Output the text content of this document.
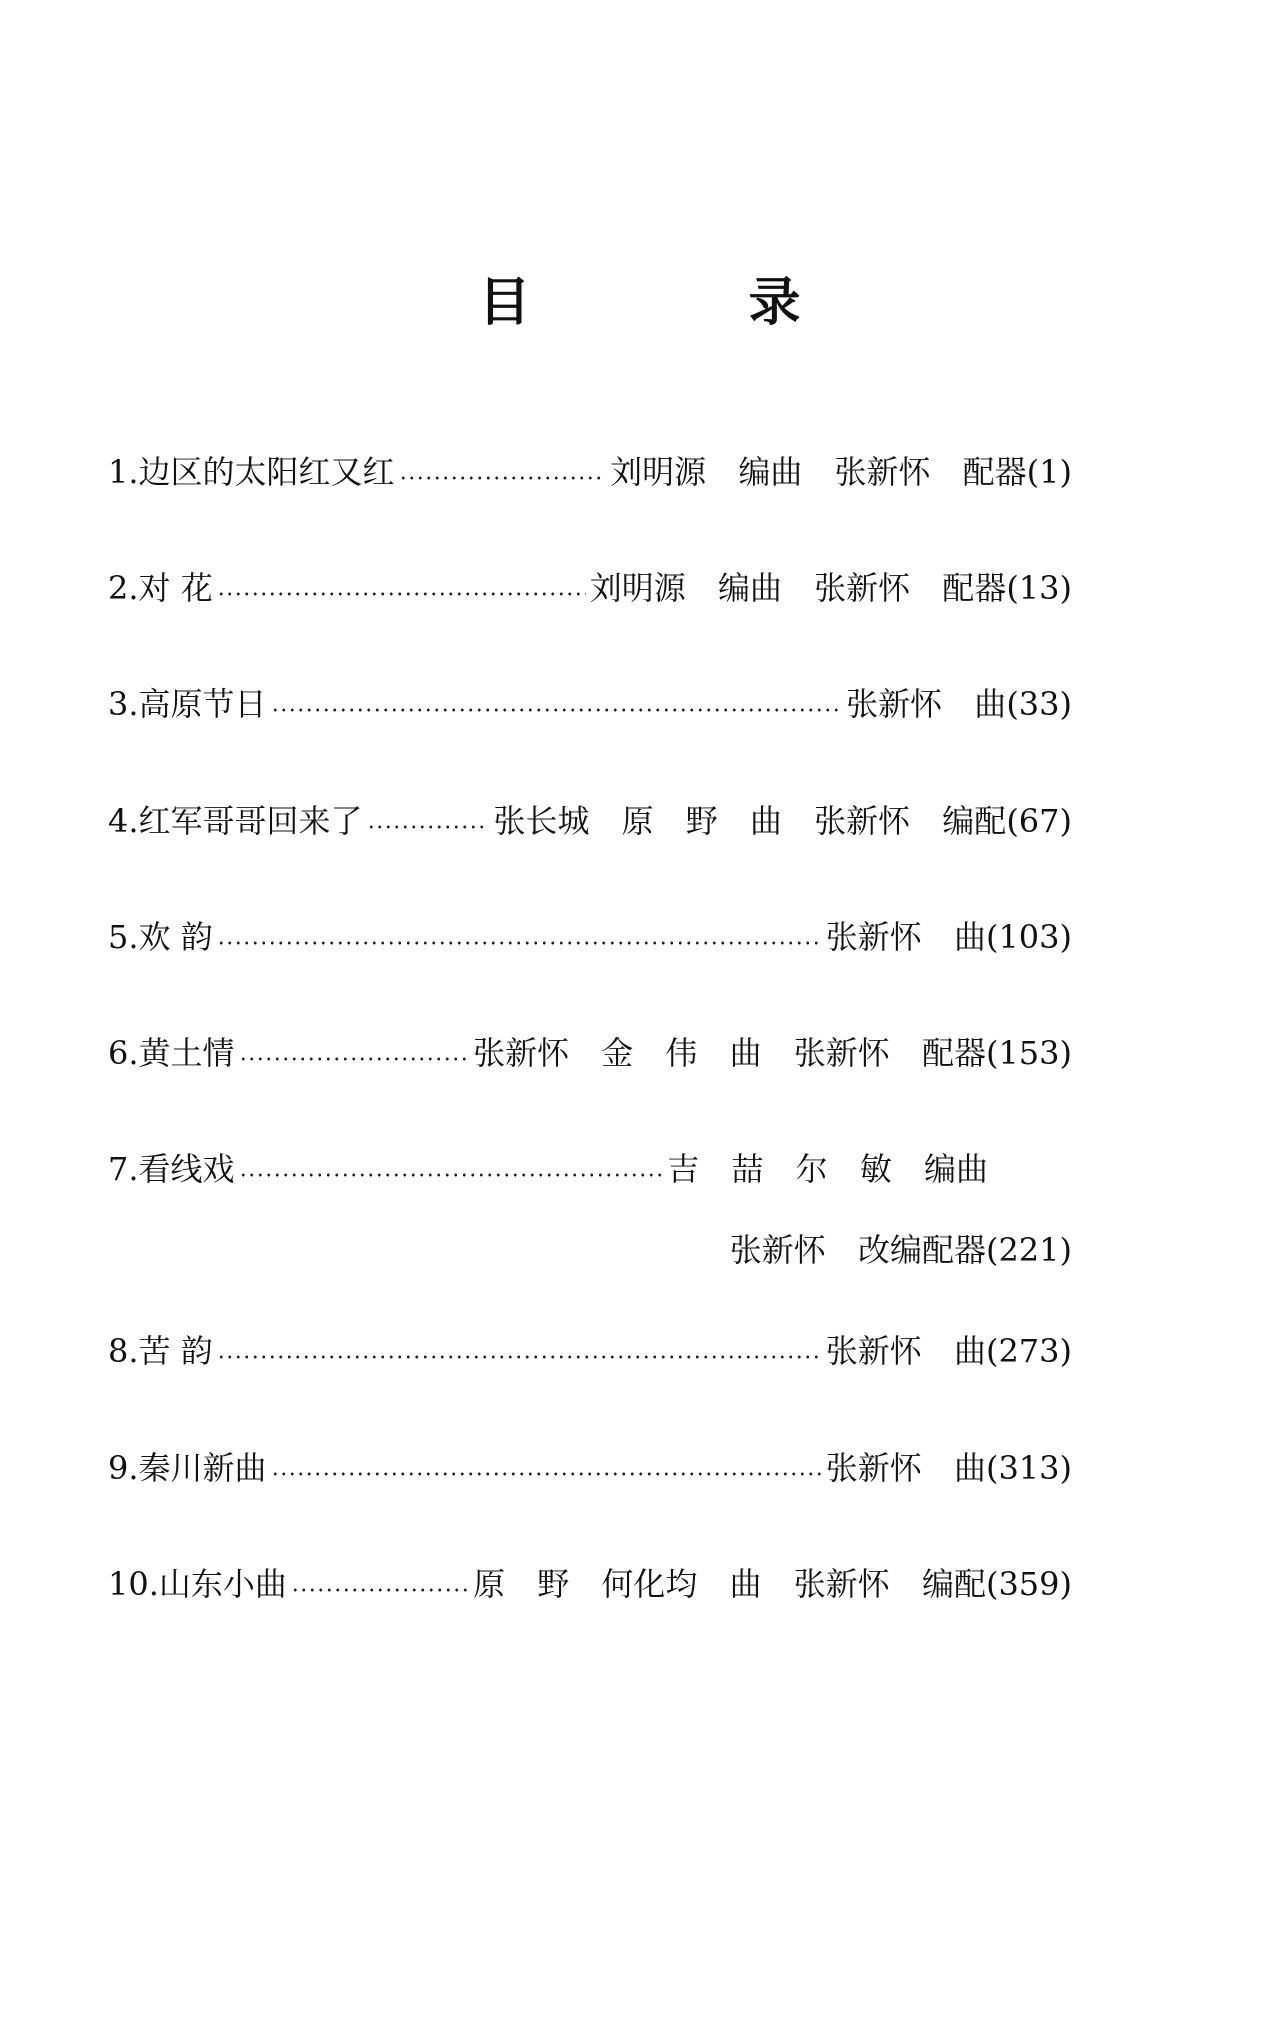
目 录
1.边区的太阳红又红	刘明源 编曲 张新怀 配器 (1)
2.对 花	刘明源 编曲 张新怀 配器 (13)
3.高原节日	张新怀 曲 (33)
4.红军哥哥回来了	张长城 原 野 曲 张新怀 编配 (67)
5.欢 韵	张新怀 曲 (103)
6.黄土情	张新怀 金 伟 曲 张新怀 配器 (153)
7.看线戏	吉 喆 尔 敏 编曲
张新怀 改编配器 (221)
8.苦 韵	张新怀 曲 (273)
9.秦川新曲	张新怀 曲 (313)
10.山东小曲	原 野 何化均 曲 张新怀 编配 (359)
